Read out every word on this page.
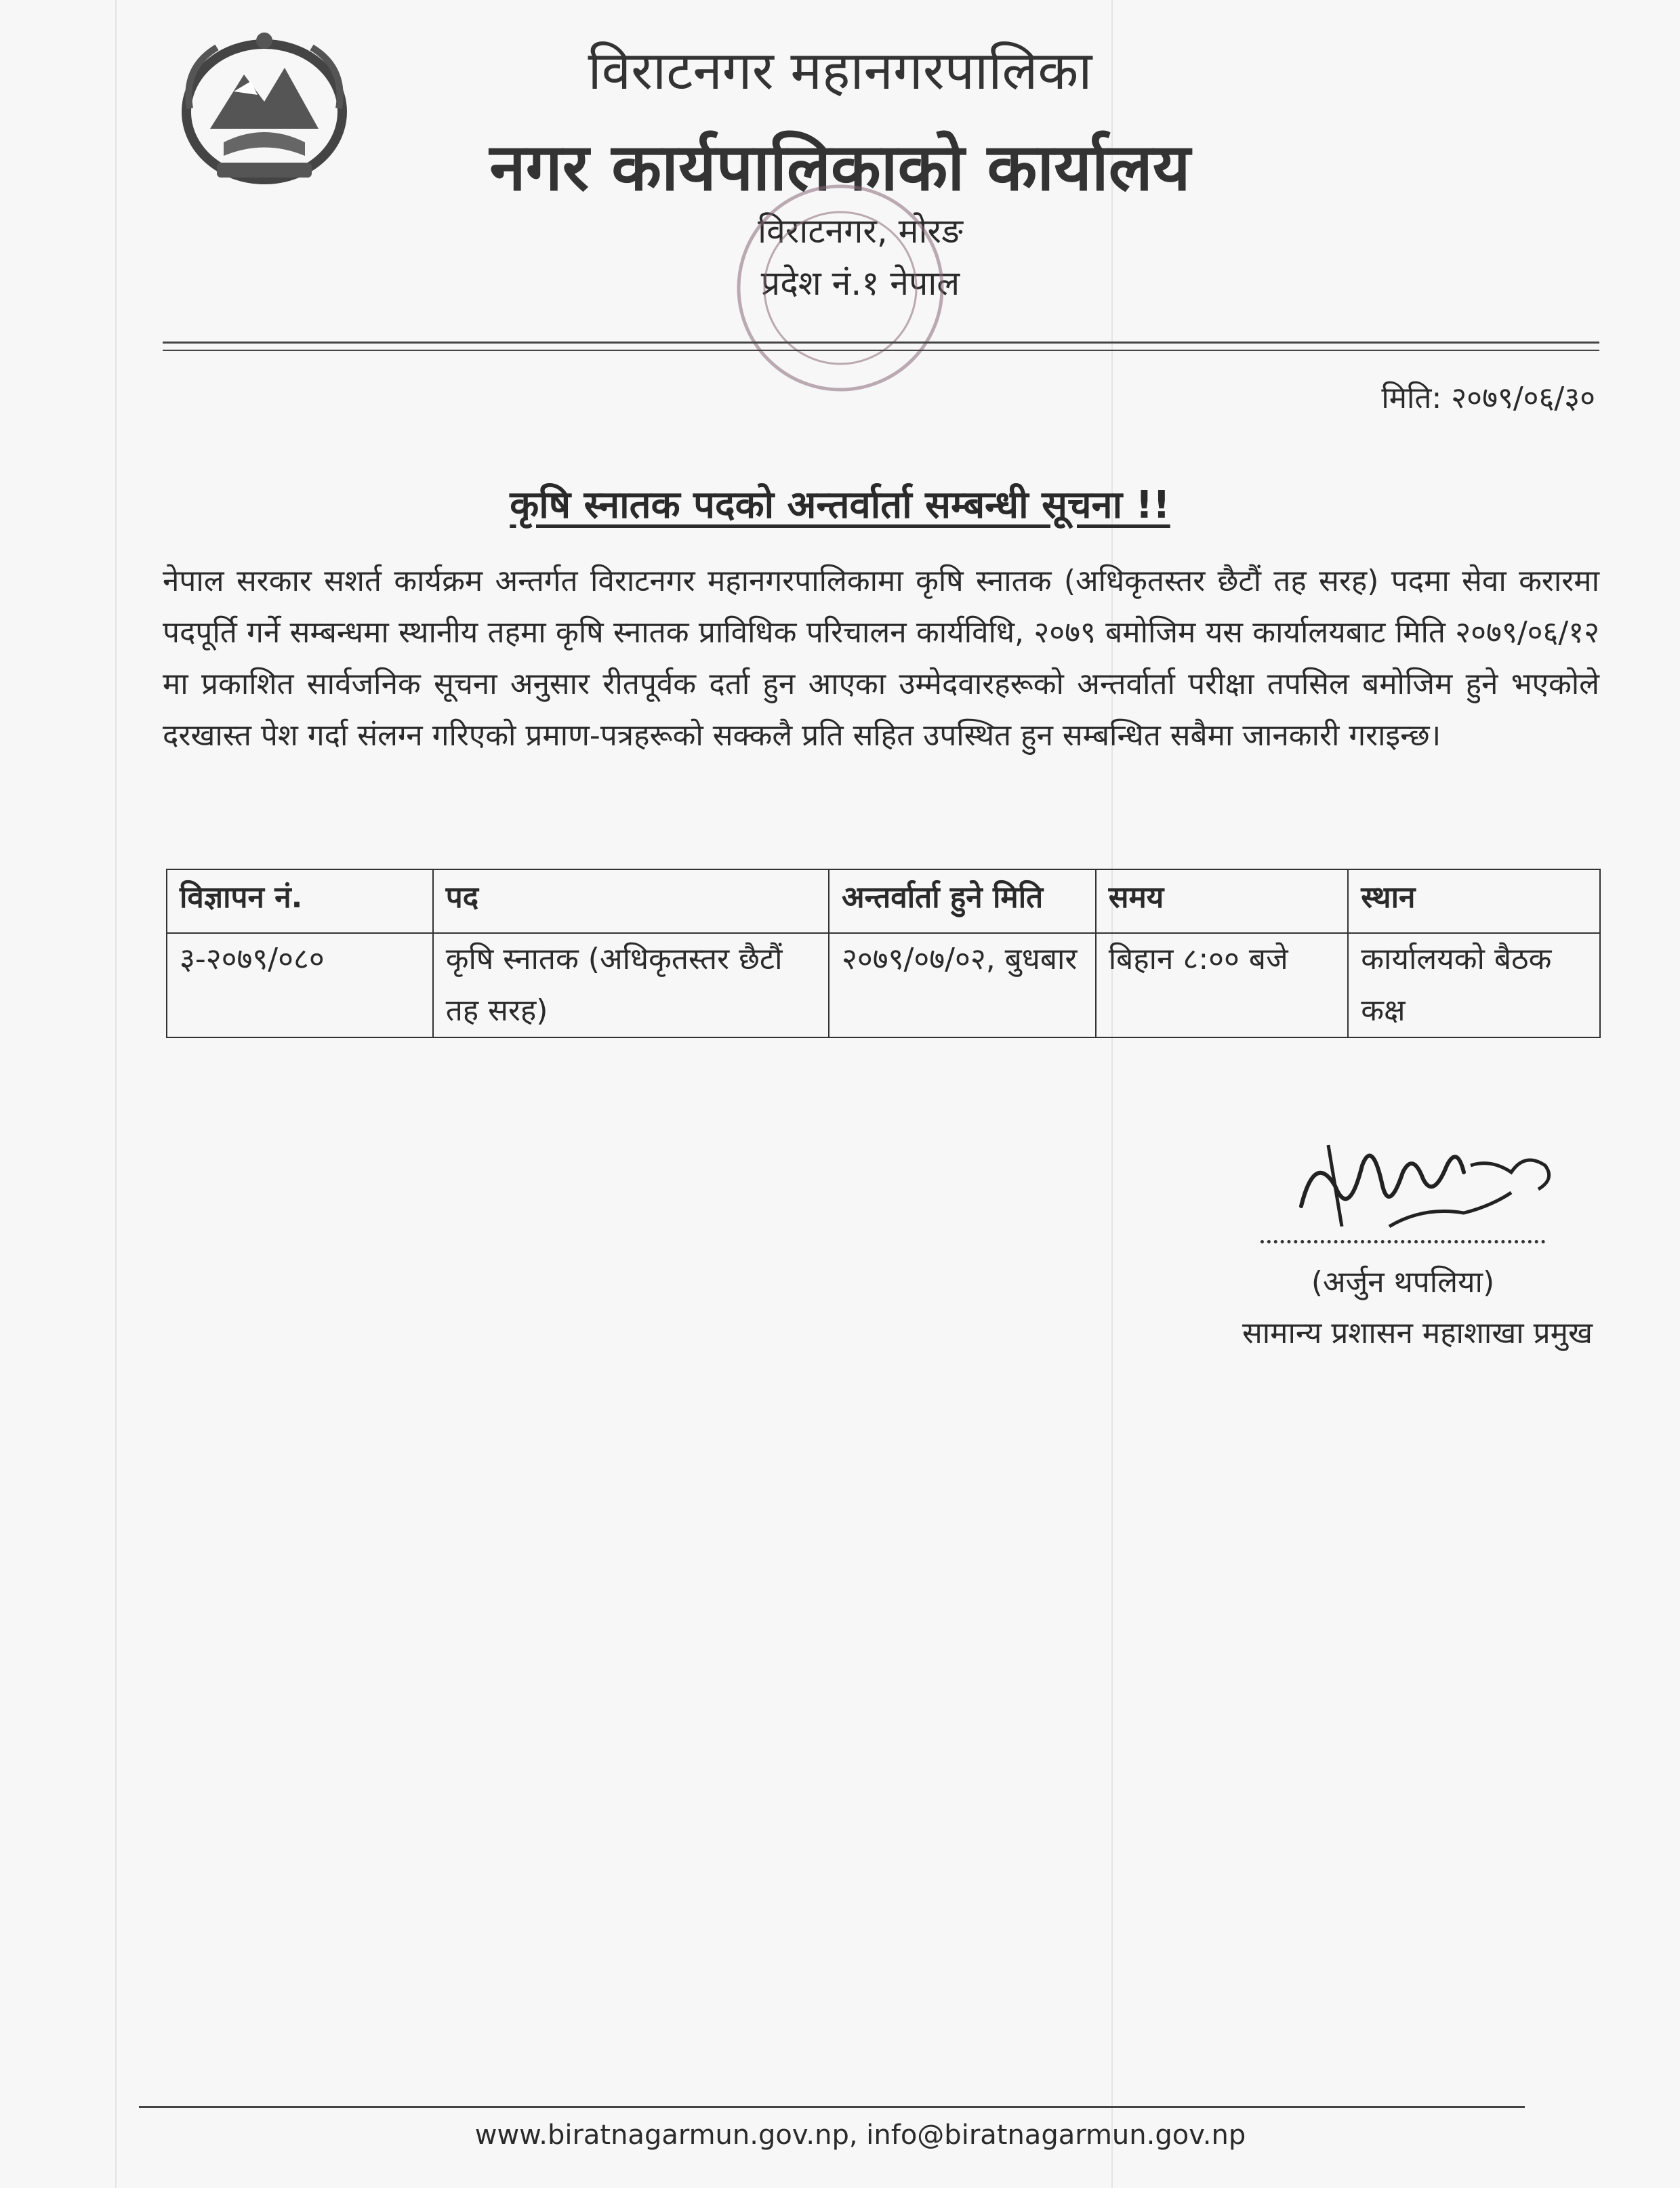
विराटनगर महानगरपालिका
नगर कार्यपालिकाको कार्यालय
विराटनगर, मोरङ
प्रदेश नं.१ नेपाल
मिति: २०७९/०६/३०
कृषि स्नातक पदको अन्तर्वार्ता सम्बन्धी सूचना !!
नेपाल सरकार सशर्त कार्यक्रम अन्तर्गत विराटनगर महानगरपालिकामा कृषि स्नातक (अधिकृतस्तर छैटौं तह सरह) पदमा सेवा करारमा पदपूर्ति गर्ने सम्बन्धमा स्थानीय तहमा कृषि स्नातक प्राविधिक परिचालन कार्यविधि, २०७९ बमोजिम यस कार्यालयबाट मिति २०७९/०६/१२ मा प्रकाशित सार्वजनिक सूचना अनुसार रीतपूर्वक दर्ता हुन आएका उम्मेदवारहरूको अन्तर्वार्ता परीक्षा तपसिल बमोजिम हुने भएकोले दरखास्त पेश गर्दा संलग्न गरिएको प्रमाण-पत्रहरूको सक्कलै प्रति सहित उपस्थित हुन सम्बन्धित सबैमा जानकारी गराइन्छ।
विज्ञापन नं.	पद	अन्तर्वार्ता हुने मिति	समय	स्थान
३-२०७९/०८०	कृषि स्नातक (अधिकृतस्तर छैटौं तह सरह)	२०७९/०७/०२, बुधबार	बिहान ८:०० बजे	कार्यालयको बैठक कक्ष
(अर्जुन थपलिया)
सामान्य प्रशासन महाशाखा प्रमुख
www.biratnagarmun.gov.np, info@biratnagarmun.gov.np
